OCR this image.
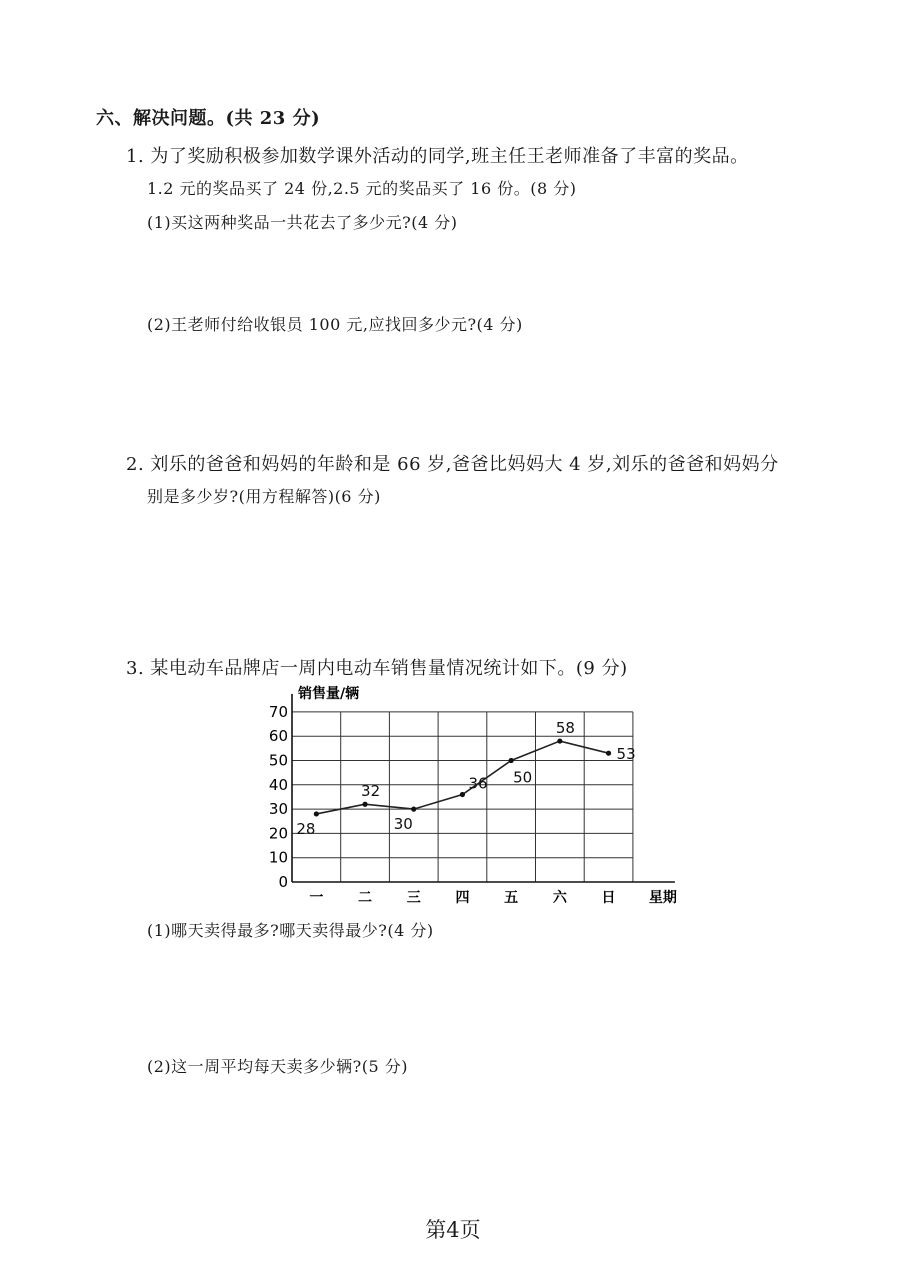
六、解决问题。(共 23 分)
1. 为了奖励积极参加数学课外活动的同学,班主任王老师准备了丰富的奖品。
1.2 元的奖品买了 24 份,2.5 元的奖品买了 16 份。(8 分)
(1)买这两种奖品一共花去了多少元?(4 分)
(2)王老师付给收银员 100 元,应找回多少元?(4 分)
2. 刘乐的爸爸和妈妈的年龄和是 66 岁,爸爸比妈妈大 4 岁,刘乐的爸爸和妈妈分
别是多少岁?(用方程解答)(6 分)
3. 某电动车品牌店一周内电动车销售量情况统计如下。(9 分)
0
10
20
30
40
50
60
70
销售量/辆
一 二 三 四 五 六 日 星期
28
32
30
36 50
58
53
(1)哪天卖得最多?哪天卖得最少?(4 分)
(2)这一周平均每天卖多少辆?(5 分)
第4页
